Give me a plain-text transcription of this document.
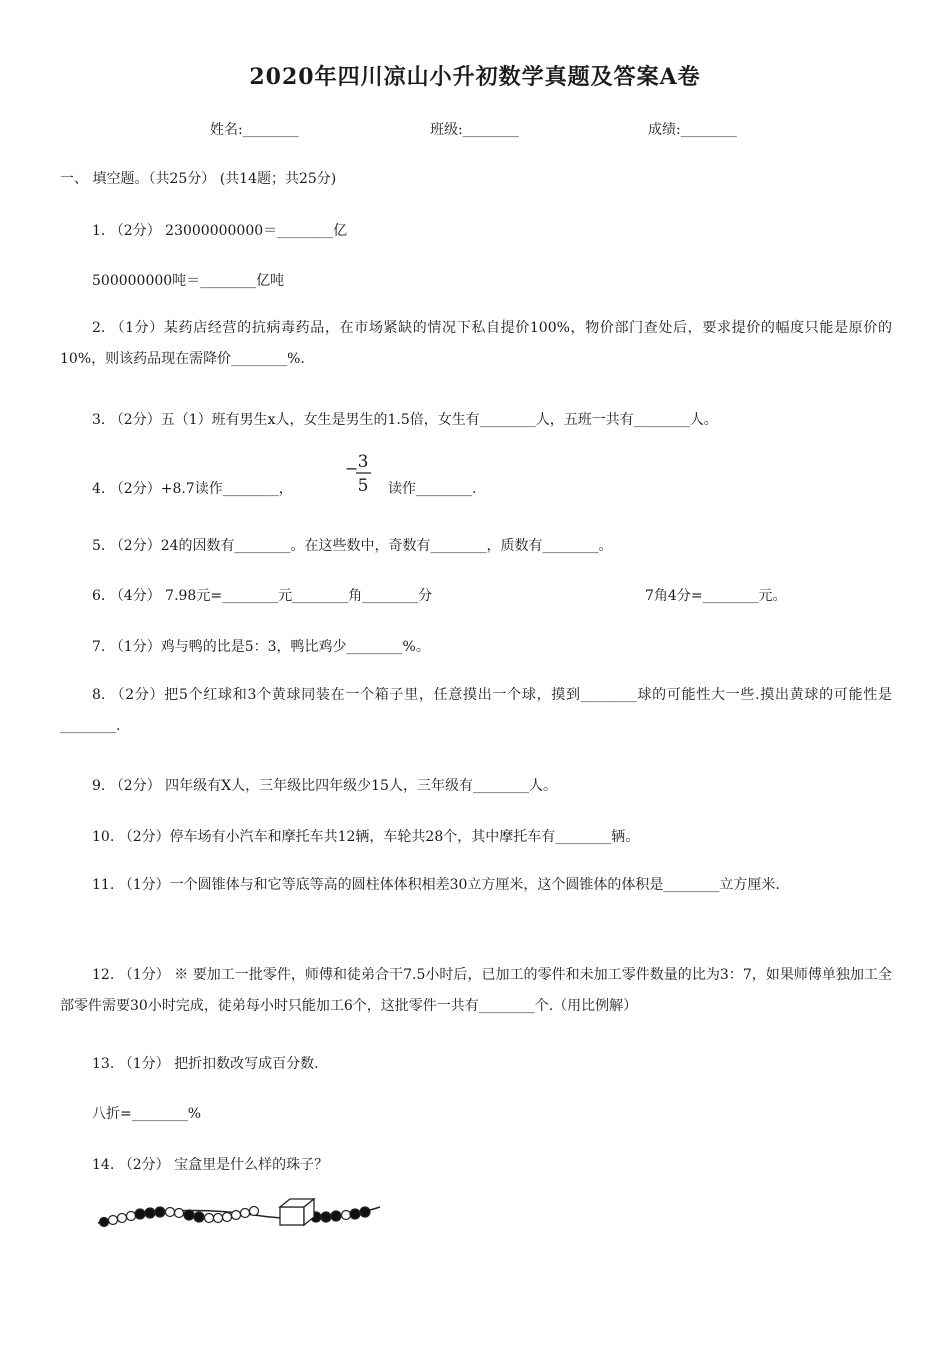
2020年四川凉山小升初数学真题及答案A卷
姓名:________	班级:________	成绩:________
一、 填空题。（共25分） (共14题；共25分)
1. （2分） 23000000000＝________亿
500000000吨＝________亿吨
2. （1分）某药店经营的抗病毒药品，在市场紧缺的情况下私自提价100%，物价部门查处后，要求提价的幅度只能是原价的10%，则该药品现在需降价________%.
3. （2分）五（1）班有男生x人，女生是男生的1.5倍，女生有________人，五班一共有________人。
4. （2分）+8.7读作________，
− 3
5 读作________.
5. （2分）24的因数有________。在这些数中，奇数有________，质数有________。
6. （4分） 7.98元=________元________角________分	7角4分=________元。
7. （1分）鸡与鸭的比是5：3，鸭比鸡少________%。
8. （2分）把5个红球和3个黄球同装在一个箱子里，任意摸出一个球，摸到________球的可能性大一些.摸出黄球的可能性是________.
9. （2分） 四年级有X人，三年级比四年级少15人，三年级有________人。
10. （2分）停车场有小汽车和摩托车共12辆，车轮共28个，其中摩托车有________辆。
11. （1分）一个圆锥体与和它等底等高的圆柱体体积相差30立方厘米，这个圆锥体的体积是________立方厘米.
12. （1分） ※ 要加工一批零件，师傅和徒弟合干7.5小时后，已加工的零件和未加工零件数量的比为3：7，如果师傅单独加工全部零件需要30小时完成，徒弟每小时只能加工6个，这批零件一共有________个.（用比例解）
13. （1分） 把折扣数改写成百分数.
八折=________%
14. （2分） 宝盒里是什么样的珠子？
